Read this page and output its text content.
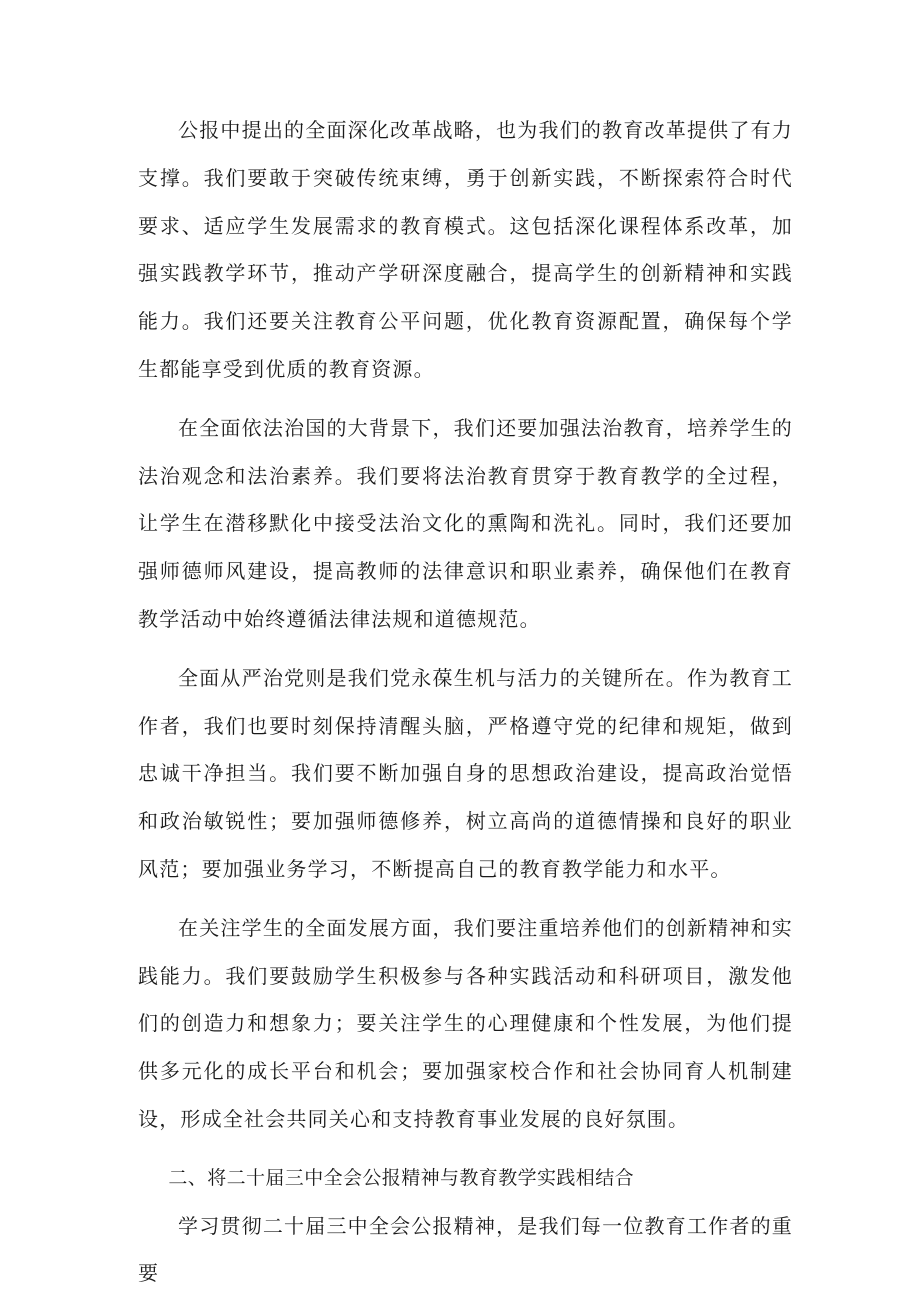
公报中提出的全面深化改革战略，也为我们的教育改革提供了有力支撑。我们要敢于突破传统束缚，勇于创新实践，不断探索符合时代要求、适应学生发展需求的教育模式。这包括深化课程体系改革，加强实践教学环节，推动产学研深度融合，提高学生的创新精神和实践能力。我们还要关注教育公平问题，优化教育资源配置，确保每个学生都能享受到优质的教育资源。

在全面依法治国的大背景下，我们还要加强法治教育，培养学生的法治观念和法治素养。我们要将法治教育贯穿于教育教学的全过程，让学生在潜移默化中接受法治文化的熏陶和洗礼。同时，我们还要加强师德师风建设，提高教师的法律意识和职业素养，确保他们在教育教学活动中始终遵循法律法规和道德规范。

全面从严治党则是我们党永葆生机与活力的关键所在。作为教育工作者，我们也要时刻保持清醒头脑，严格遵守党的纪律和规矩，做到忠诚干净担当。我们要不断加强自身的思想政治建设，提高政治觉悟和政治敏锐性；要加强师德修养，树立高尚的道德情操和良好的职业风范；要加强业务学习，不断提高自己的教育教学能力和水平。

在关注学生的全面发展方面，我们要注重培养他们的创新精神和实践能力。我们要鼓励学生积极参与各种实践活动和科研项目，激发他们的创造力和想象力；要关注学生的心理健康和个性发展，为他们提供多元化的成长平台和机会；要加强家校合作和社会协同育人机制建设，形成全社会共同关心和支持教育事业发展的良好氛围。

二、将二十届三中全会公报精神与教育教学实践相结合

学习贯彻二十届三中全会公报精神，是我们每一位教育工作者的重要
